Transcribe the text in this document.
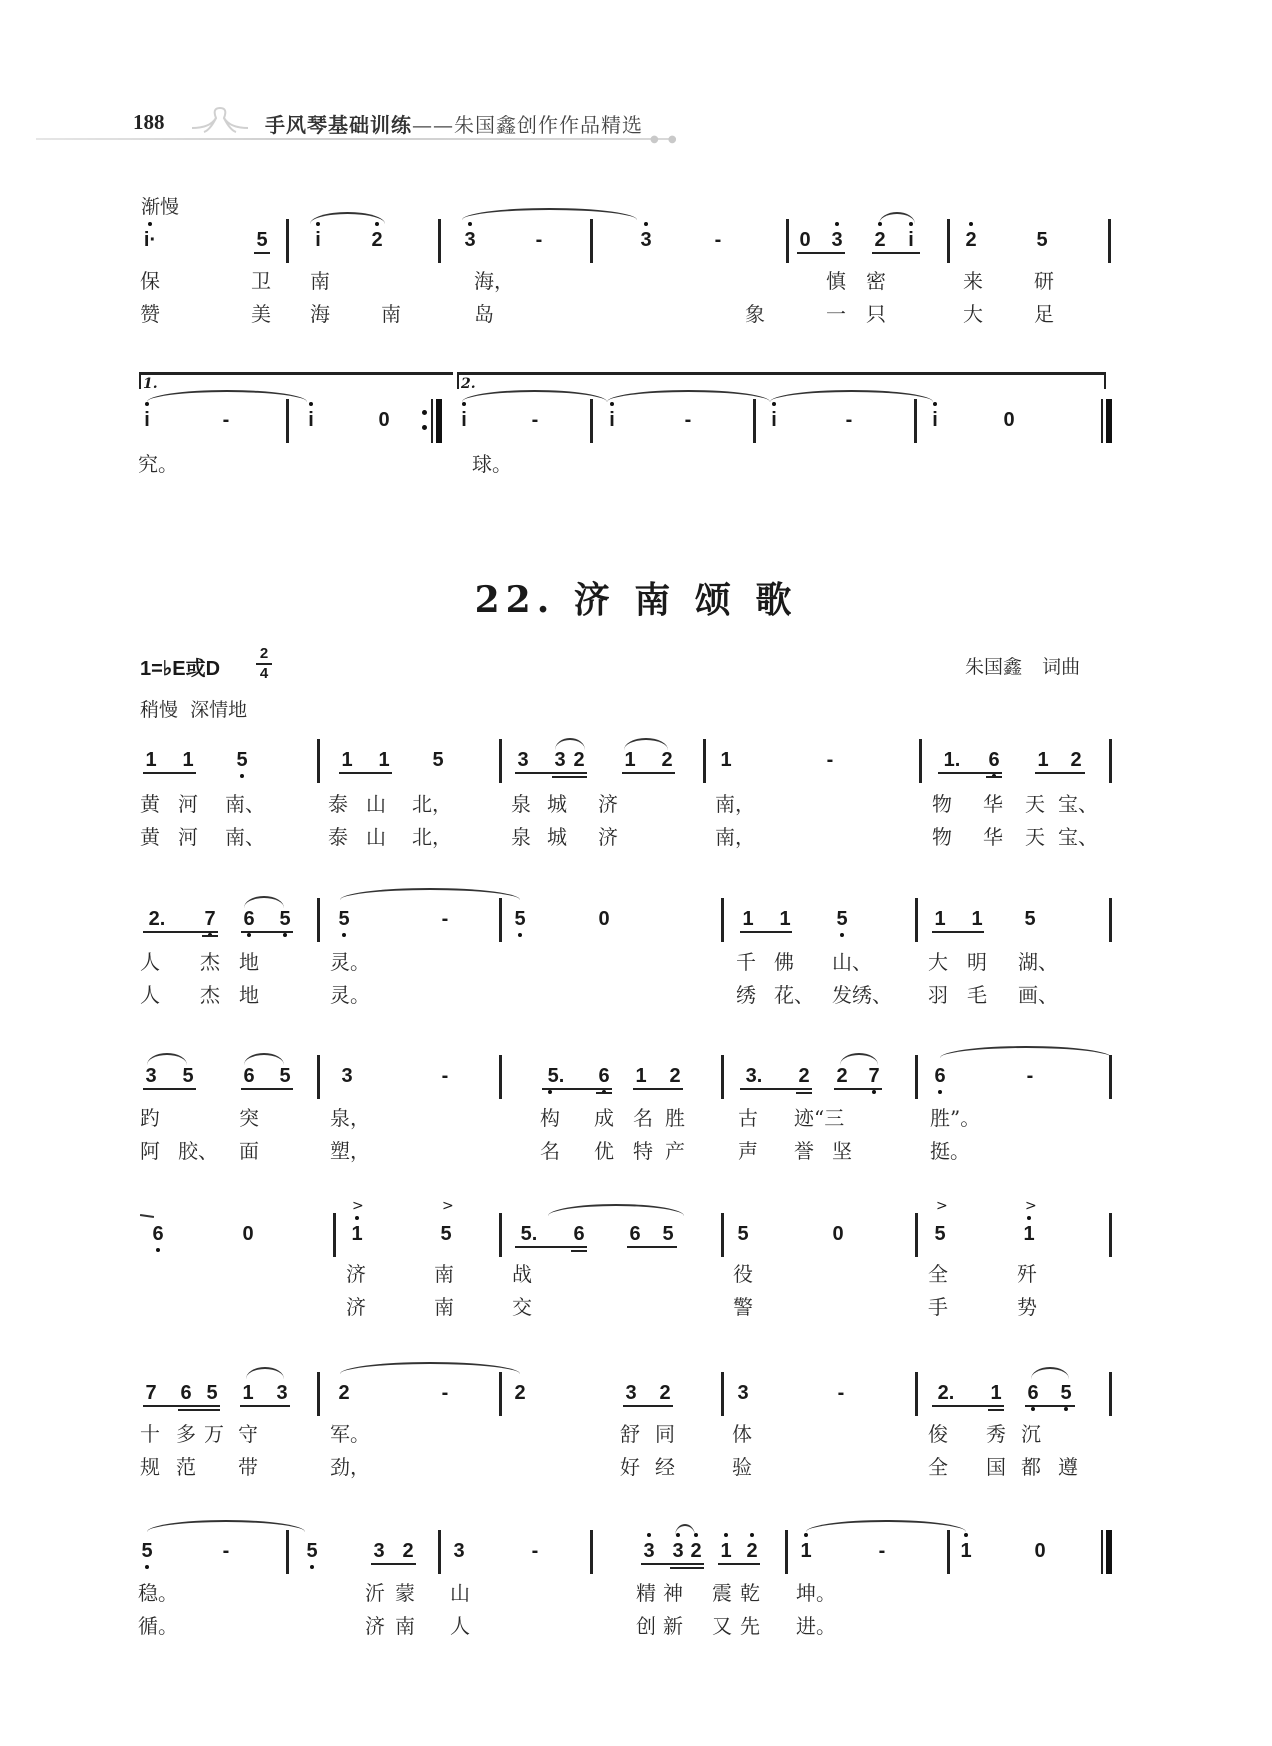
188	手风琴基础训练——朱国鑫创作作品精选
● ●
渐慢
i·	5 i	2	3	-	3	-	0 3 2 i	2	5
保	卫 南	海，	慎 密	来	研
赞	美 海	南	岛	象	一 只	大	足
1.	2.
i	-	i	0	i	-	i	-	i	-	i	0
究。	球。
22. 济 南 颂 歌
1=♭E或D
2
4	朱国鑫 词曲
稍慢  深情地
1 1 5	1 1 5	3 3 2 1 2 1	-	1. 6 1 2
黄 河 南、	泰 山 北，	泉 城 济	南，	物 华 天 宝、
黄 河 南、	泰 山 北，	泉 城 济	南，	物 华 天 宝、
2. 7 6 5 5	-	5	0	1 1 5	1 1 5
人 杰 地	灵。	千 佛 山、	大 明 湖、
人 杰 地	灵。	绣 花、 发绣、 羽 毛 画、
3 5 6 5	3	-	5. 6 1 2	3. 2 2 7	6	-
趵	突	泉，	构 成 名 胜	古 迹“三	胜”。
阿 胶、 面	塑，	名 优 特 产	声 誉 坚	挺。
6	0
>
1
>
5	5. 6 6 5	5	0
>
5
>
1
济	南	战	役	全	歼
济	南	交	警	手	势
7 6 5 1 3	2	-	2	3 2	3	-	2. 1 6 5
十 多 万 守	军。	舒 同	体	俊 秀 沉
规 范 带	劲，	好 经	验	全 国 都 遵
5	-	5	3 2 3	-	3 3 2 1 2 1	-	1	0
稳。	沂 蒙 山	精 神 震 乾 坤。
循。	济 南 人	创 新 又 先 进。
